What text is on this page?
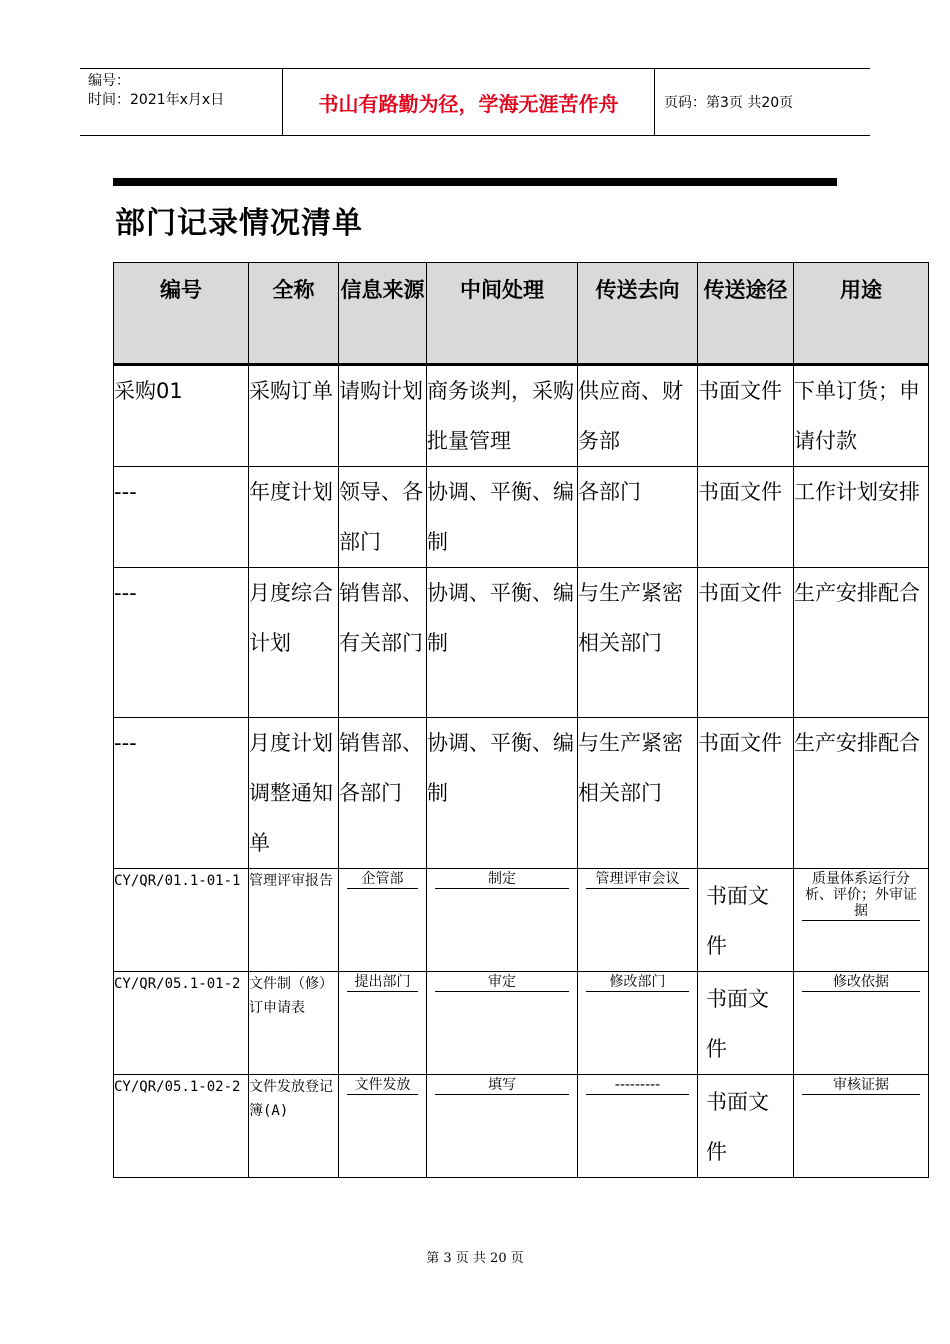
编号：
时间：2021年x月x日	书山有路勤为径，学海无涯苦作舟	页码：第3页 共20页
部门记录情况清单
编号	全称	信息来源	中间处理	传送去向	传送途径	用途
采购01	采购订单	请购计划	商务谈判，采购批量管理	供应商、财务部	书面文件	下单订货；申请付款
---	年度计划	领导、各部门	协调、平衡、编制	各部门	书面文件	工作计划安排
---	月度综合计划	销售部、有关部门	协调、平衡、编制	与生产紧密相关部门	书面文件	生产安排配合
---	月度计划调整通知单	销售部、各部门	协调、平衡、编制	与生产紧密相关部门	书面文件	生产安排配合
CY/QR/01.1-01-1	管理评审报告	企管部	制定	管理评审会议	书面文件	质量体系运行分析、评价；外审证据

CY/QR/05.1-01-2	文件制（修）订申请表	提出部门	审定	修改部门	书面文件	修改依据

CY/QR/05.1-02-2	文件发放登记簿(A)	文件发放	填写	---------	书面文件	审核证据
第 3 页 共 20 页
